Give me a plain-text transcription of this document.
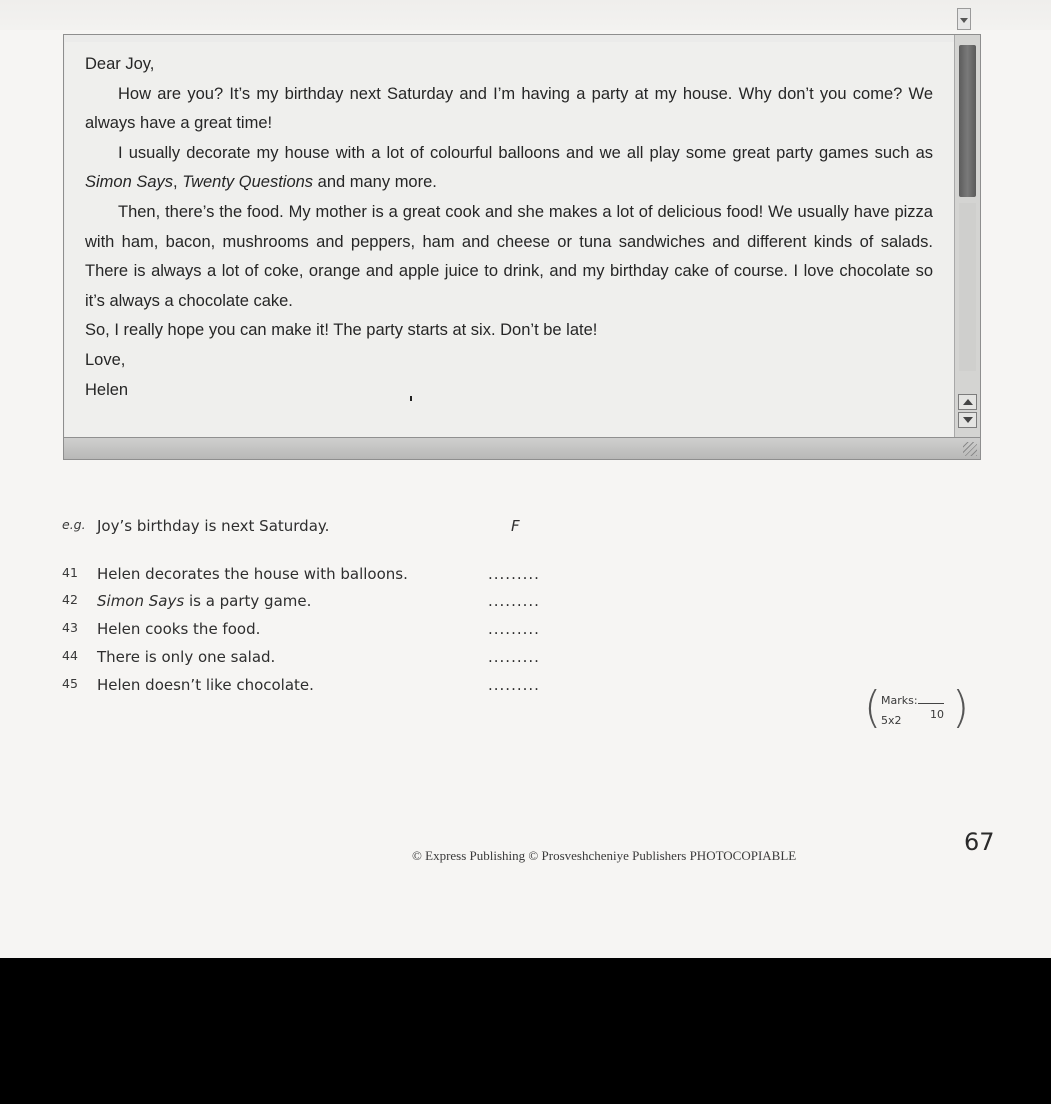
Dear Joy,

How are you? It’s my birthday next Saturday and I’m having a party at my house. Why don’t you come? We always have a great time!

I usually decorate my house with a lot of colourful balloons and we all play some great party games such as Simon Says, Twenty Questions and many more.

Then, there’s the food. My mother is a great cook and she makes a lot of delicious food! We usually have pizza with ham, bacon, mushrooms and peppers, ham and cheese or tuna sandwiches and different kinds of salads. There is always a lot of coke, orange and apple juice to drink, and my birthday cake of course. I love chocolate so it’s always a chocolate cake.

So, I really hope you can make it! The party starts at six. Don’t be late!

Love,

Helen

e.g. Joy’s birthday is next Saturday.	F
41 Helen decorates the house with balloons.	.........
42 Simon Says is a party game.	.........
43 Helen cooks the food.	.........
44 There is only one salad.	.........
45 Helen doesn’t like chocolate.	.........	( Marks:
5x2	10 )
© Express Publishing © Prosveshcheniye Publishers PHOTOCOPIABLE	67
